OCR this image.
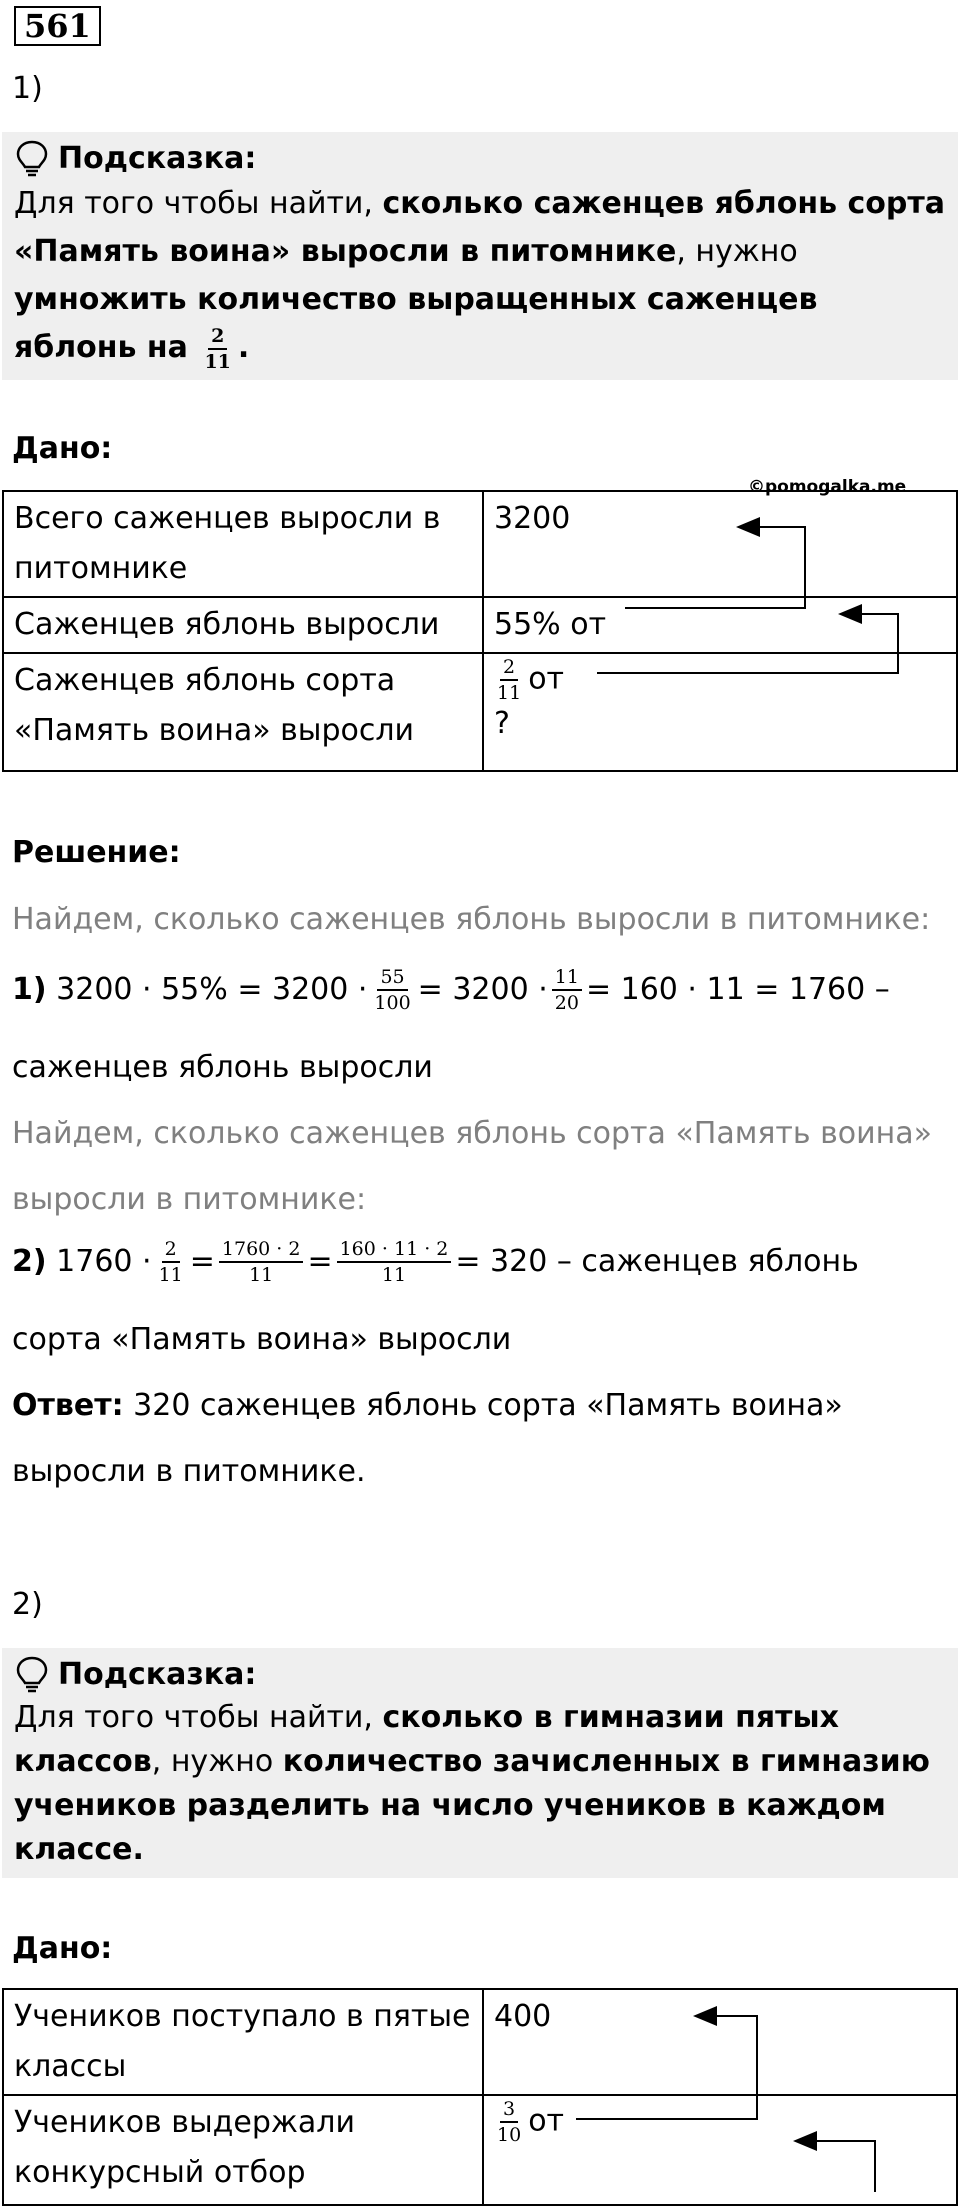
561
1)
Подсказка:
Для того чтобы найти, сколько саженцев яблонь сорта «Память воина» выросли в питомнике, нужно умножить количество выращенных саженцев яблонь на $\frac{2}{11}$ .
Дано:
©pomogalka.me
Всего саженцев выросли в питомнике	3200
Саженцев яблонь выросли	55% от
Саженцев яблонь сорта «Память воина» выросли	$\frac{2}{11}$ от
?
Решение:
Найдем, сколько саженцев яблонь выросли в питомнике:
1)
$3200 \cdot 55\% = 3200 \cdot \frac{55}{100} = 3200 \cdot \frac{11}{20} = 160 \cdot 11 = 1760$ –
саженцев яблонь выросли
Найдем, сколько саженцев яблонь сорта «Память воина»
выросли в питомнике:
2)
$1760 \cdot \frac{2}{11} = \frac{1760 \cdot 2}{11} = \frac{160 \cdot 11 \cdot 2}{11} = 320$ – саженцев яблонь
сорта «Память воина» выросли
Ответ: 320 саженцев яблонь сорта «Память воина»
выросли в питомнике.
2)
Подсказка:
Для того чтобы найти, сколько в гимназии пятых классов, нужно количество зачисленных в гимназию учеников разделить на число учеников в каждом классе.
Дано:
Учеников поступало в пятые классы	400
Учеников выдержали конкурсный отбор	$\frac{3}{10}$ от
